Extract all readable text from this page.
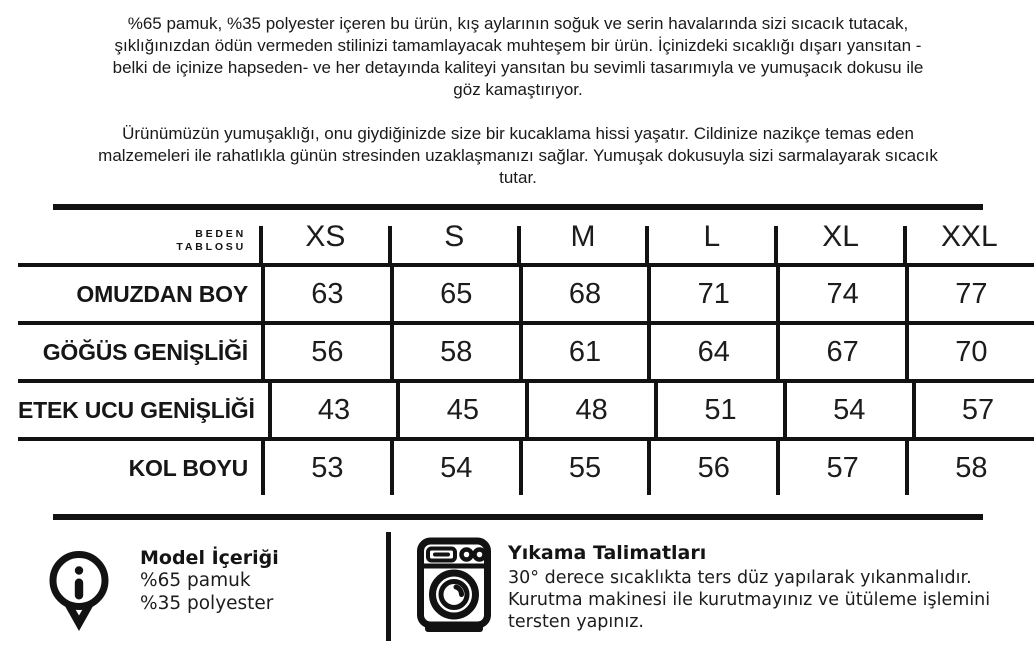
%65 pamuk, %35 polyester içeren bu ürün, kış aylarının soğuk ve serin havalarında sizi sıcacık tutacak, şıklığınızdan ödün vermeden stilinizi tamamlayacak muhteşem bir ürün. İçinizdeki sıcaklığı dışarı yansıtan -belki de içinize hapseden- ve her detayında kaliteyi yansıtan bu sevimli tasarımıyla ve yumuşacık dokusu ile göz kamaştırıyor.

Ürünümüzün yumuşaklığı, onu giydiğinizde size bir kucaklama hissi yaşatır. Cildinize nazikçe temas eden malzemeleri ile rahatlıkla günün stresinden uzaklaşmanızı sağlar. Yumuşak dokusuyla sizi sarmalayarak sıcacık tutar.

BEDEN
TABLOSU	XS	S	M	L	XL	XXL
OMUZDAN BOY	63	65	68	71	74	77
GÖĞÜS GENİŞLİĞİ	56	58	61	64	67	70
ETEK UCU GENİŞLİĞİ	43	45	48	51	54	57
KOL BOYU	53	54	55	56	57	58
Model İçeriği
%65 pamuk
%35 polyester
Yıkama Talimatları
30° derece sıcaklıkta ters düz yapılarak yıkanmalıdır. Kurutma makinesi ile kurutmayınız ve ütüleme işlemini tersten yapınız.
